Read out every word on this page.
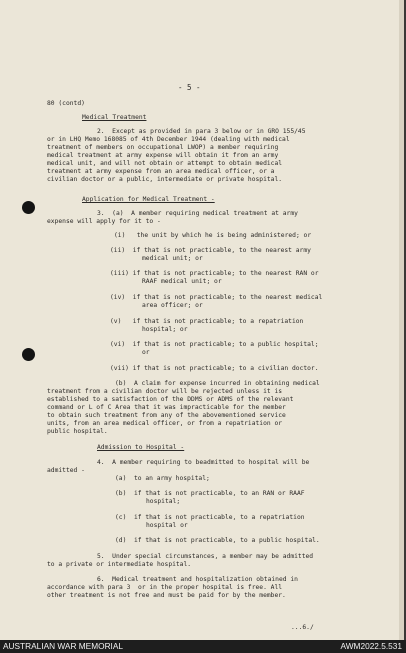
- 5 -
80 (contd)
Medical Treatment
2.  Except as provided in para 3 below or in GRO 155/45
or in LHQ Memo 168085 of 4th December 1944 (dealing with medical
treatment of members on occupational LWOP) a member requiring
medical treatment at army expense will obtain it from an army
medical unit, and will not obtain or attempt to obtain medical
treatment at army expense from an area medical officer, or a
civilian doctor or a public, intermediate or private hospital.
Application for Medical Treatment -
3.  (a)  A member requiring medical treatment at army
expense will apply for it to -
(i)   the unit by which he is being administered; or
(ii)  if that is not practicable, to the nearest army
medical unit; or
(iii) if that is not practicable; to the nearest RAN or
RAAF medical unit; or
(iv)  if that is not practicable; to the nearest medical
area officer; or
(v)   if that is not practicable; to a repatriation
hospital; or
(vi)  if that is not practicable; to a public hospital;
or
(vii) if that is not practicable; to a civilian doctor.
(b)  A claim for expense incurred in obtaining medical
treatment from a civilian doctor will be rejected unless it is
established to a satisfaction of the DDMS or ADMS of the relevant
command or L of C Area that it was impracticable for the member
to obtain such treatment from any of the abovementioned service
units, from an area medical officer, or from a repatriation or
public hospital.
Admission to Hospital -
4.  A member requiring to beadmitted to hospital will be
admitted -
(a)  to an army hospital;
(b)  if that is not practicable, to an RAN or RAAF
hospital;
(c)  if that is not practicable, to a repatriation
hospital or
(d)  if that is not practicable, to a public hospital.
5.  Under special circumstances, a member may be admitted
to a private or intermediate hospital.
6.  Medical treatment and hospitalization obtained in
accordance with para 3  or in the proper hospital is free. All
other treatment is not free and must be paid for by the member.
...6./
AUSTRALIAN WAR MEMORIAL	AWM2022.5.531
